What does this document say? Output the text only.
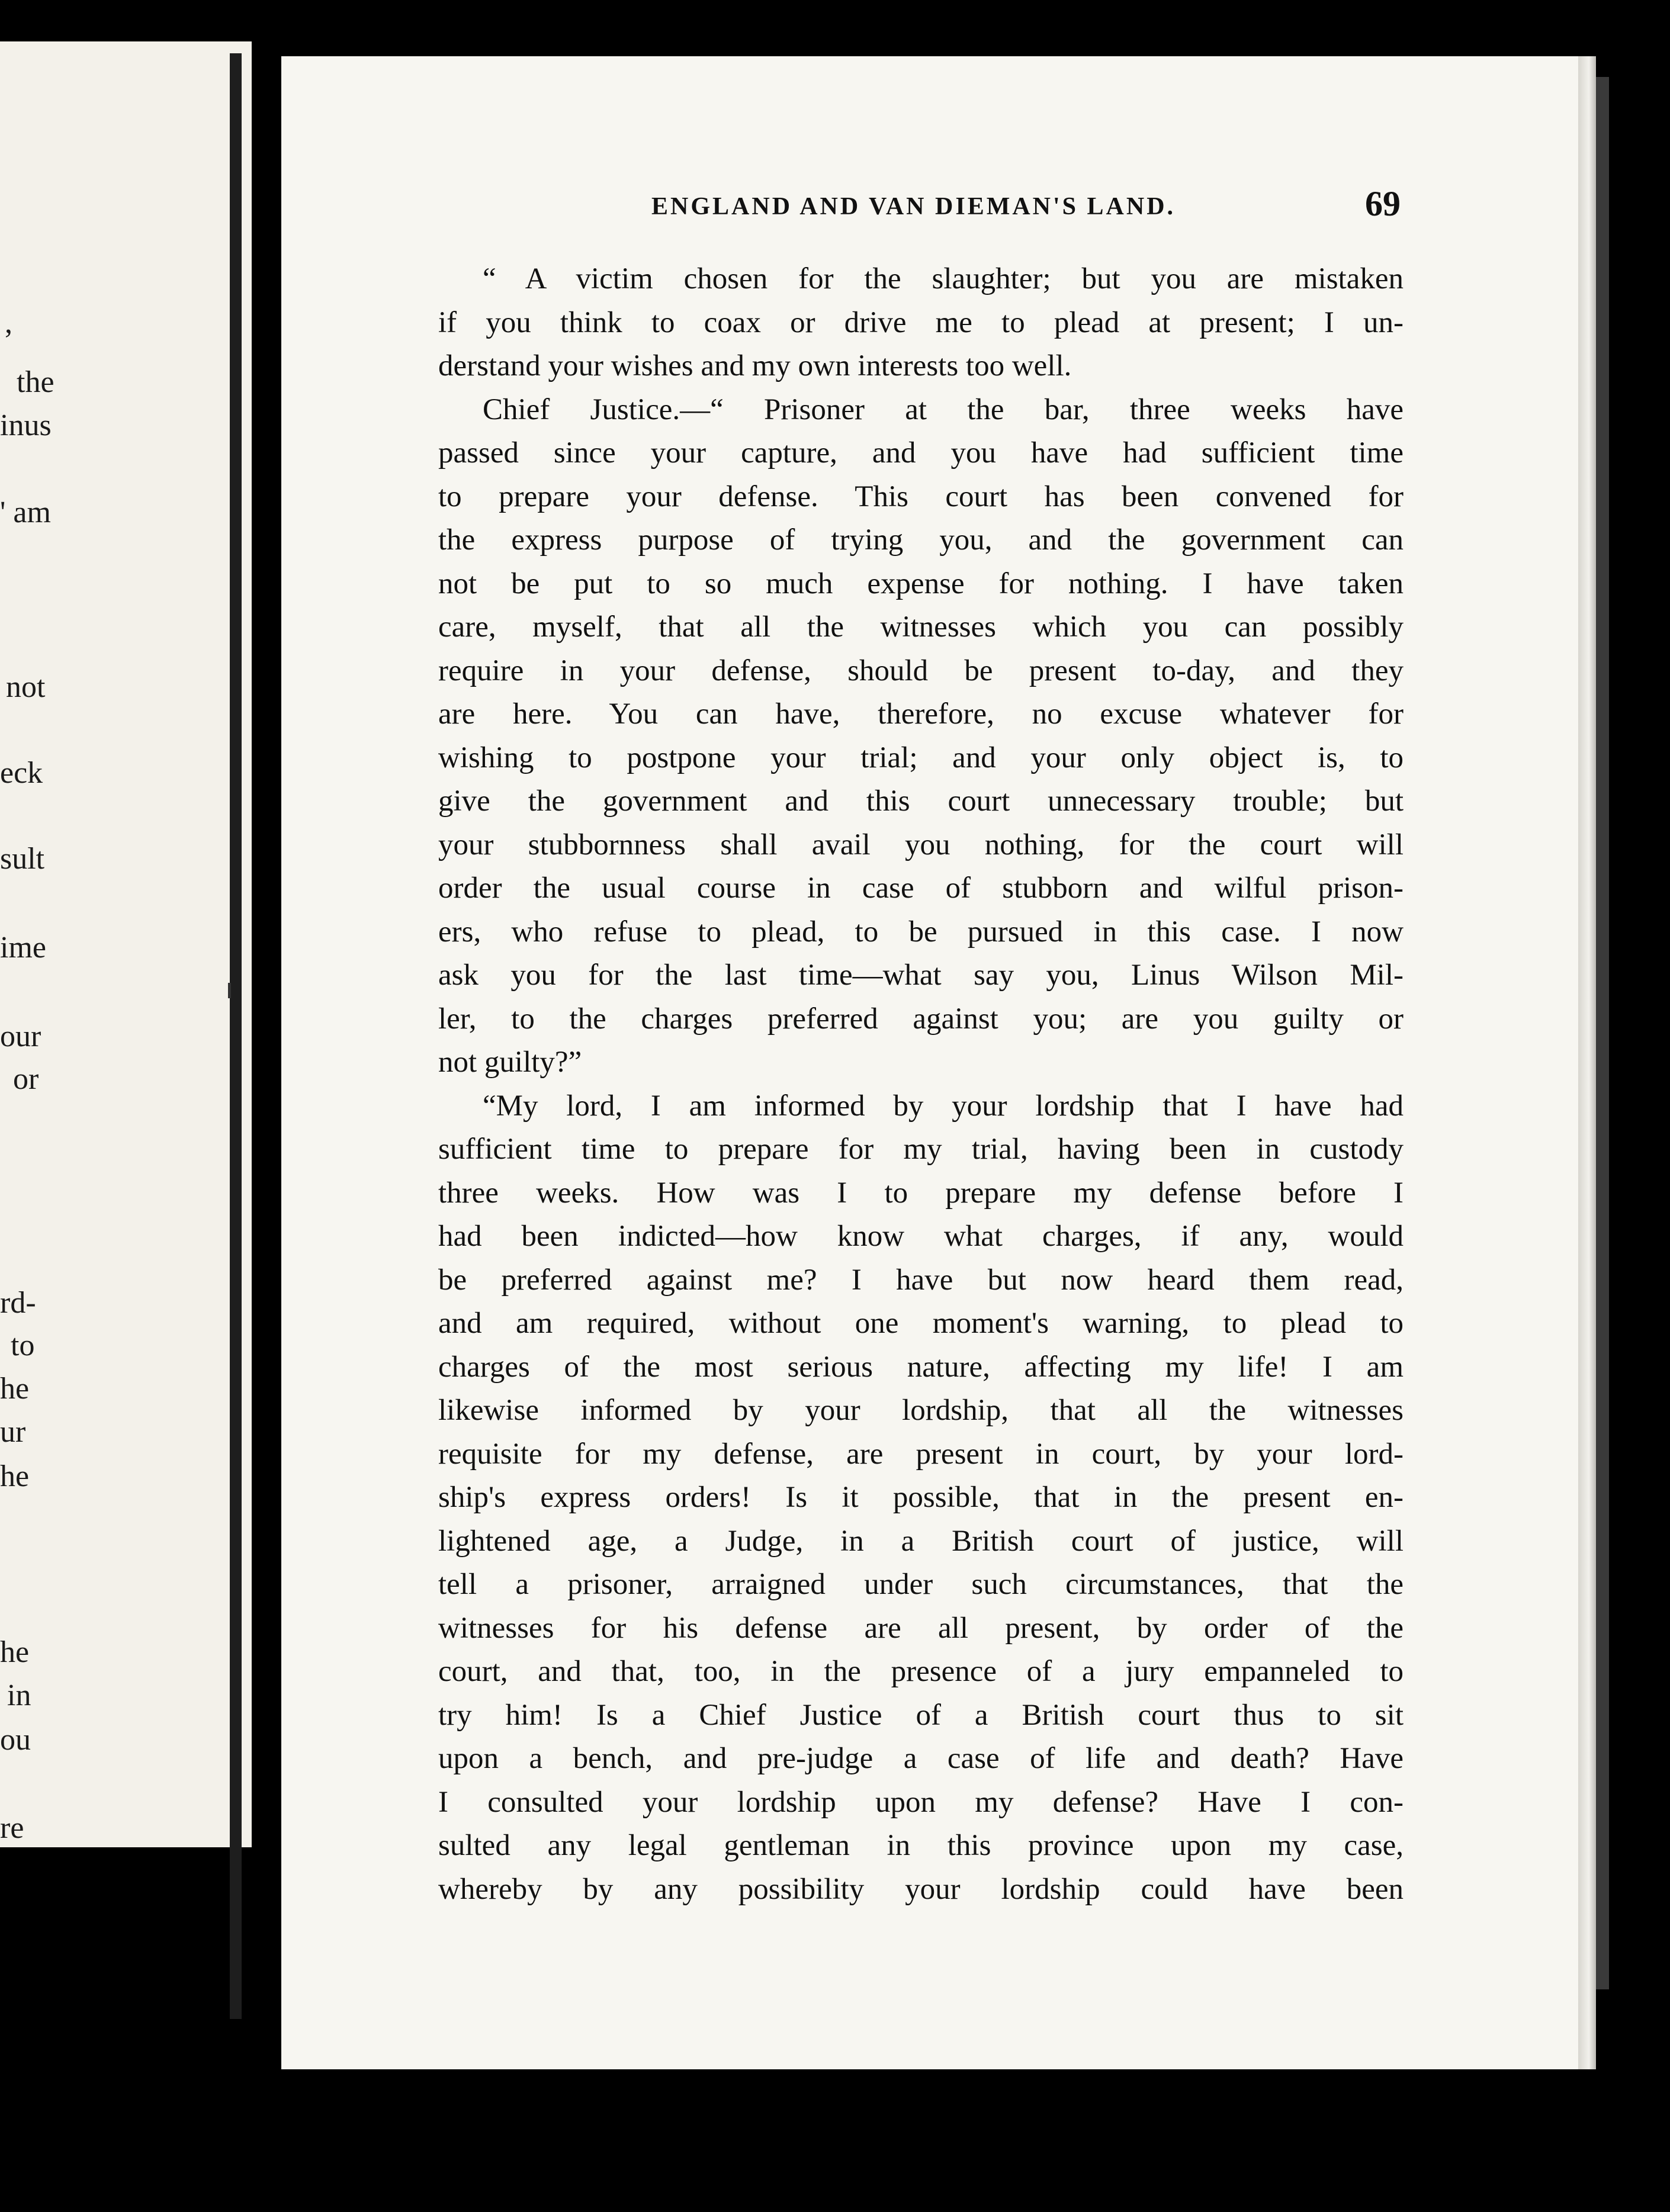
,
the
inus
' am
not
eck
sult
ime
our
or
rd-
to
he
ur
he
he
in
ou
re
ENGLAND AND VAN DIEMAN'S LAND.	69
“ A victim chosen for the slaughter; but you are mistaken
if you think to coax or drive me to plead at present; I un-
derstand your wishes and my own interests too well.
Chief Justice.—“ Prisoner at the bar, three weeks have
passed since your capture, and you have had sufficient time
to prepare your defense. This court has been convened for
the express purpose of trying you, and the government can
not be put to so much expense for nothing. I have taken
care, myself, that all the witnesses which you can possibly
require in your defense, should be present to-day, and they
are here. You can have, therefore, no excuse whatever for
wishing to postpone your trial; and your only object is, to
give the government and this court unnecessary trouble; but
your stubbornness shall avail you nothing, for the court will
order the usual course in case of stubborn and wilful prison-
ers, who refuse to plead, to be pursued in this case. I now
ask you for the last time—what say you, Linus Wilson Mil-
ler, to the charges preferred against you; are you guilty or
not guilty?”
“My lord, I am informed by your lordship that I have had
sufficient time to prepare for my trial, having been in custody
three weeks. How was I to prepare my defense before I
had been indicted—how know what charges, if any, would
be preferred against me? I have but now heard them read,
and am required, without one moment's warning, to plead to
charges of the most serious nature, affecting my life! I am
likewise informed by your lordship, that all the witnesses
requisite for my defense, are present in court, by your lord-
ship's express orders! Is it possible, that in the present en-
lightened age, a Judge, in a British court of justice, will
tell a prisoner, arraigned under such circumstances, that the
witnesses for his defense are all present, by order of the
court, and that, too, in the presence of a jury empanneled to
try him! Is a Chief Justice of a British court thus to sit
upon a bench, and pre-judge a case of life and death? Have
I consulted your lordship upon my defense? Have I con-
sulted any legal gentleman in this province upon my case,
whereby by any possibility your lordship could have been
